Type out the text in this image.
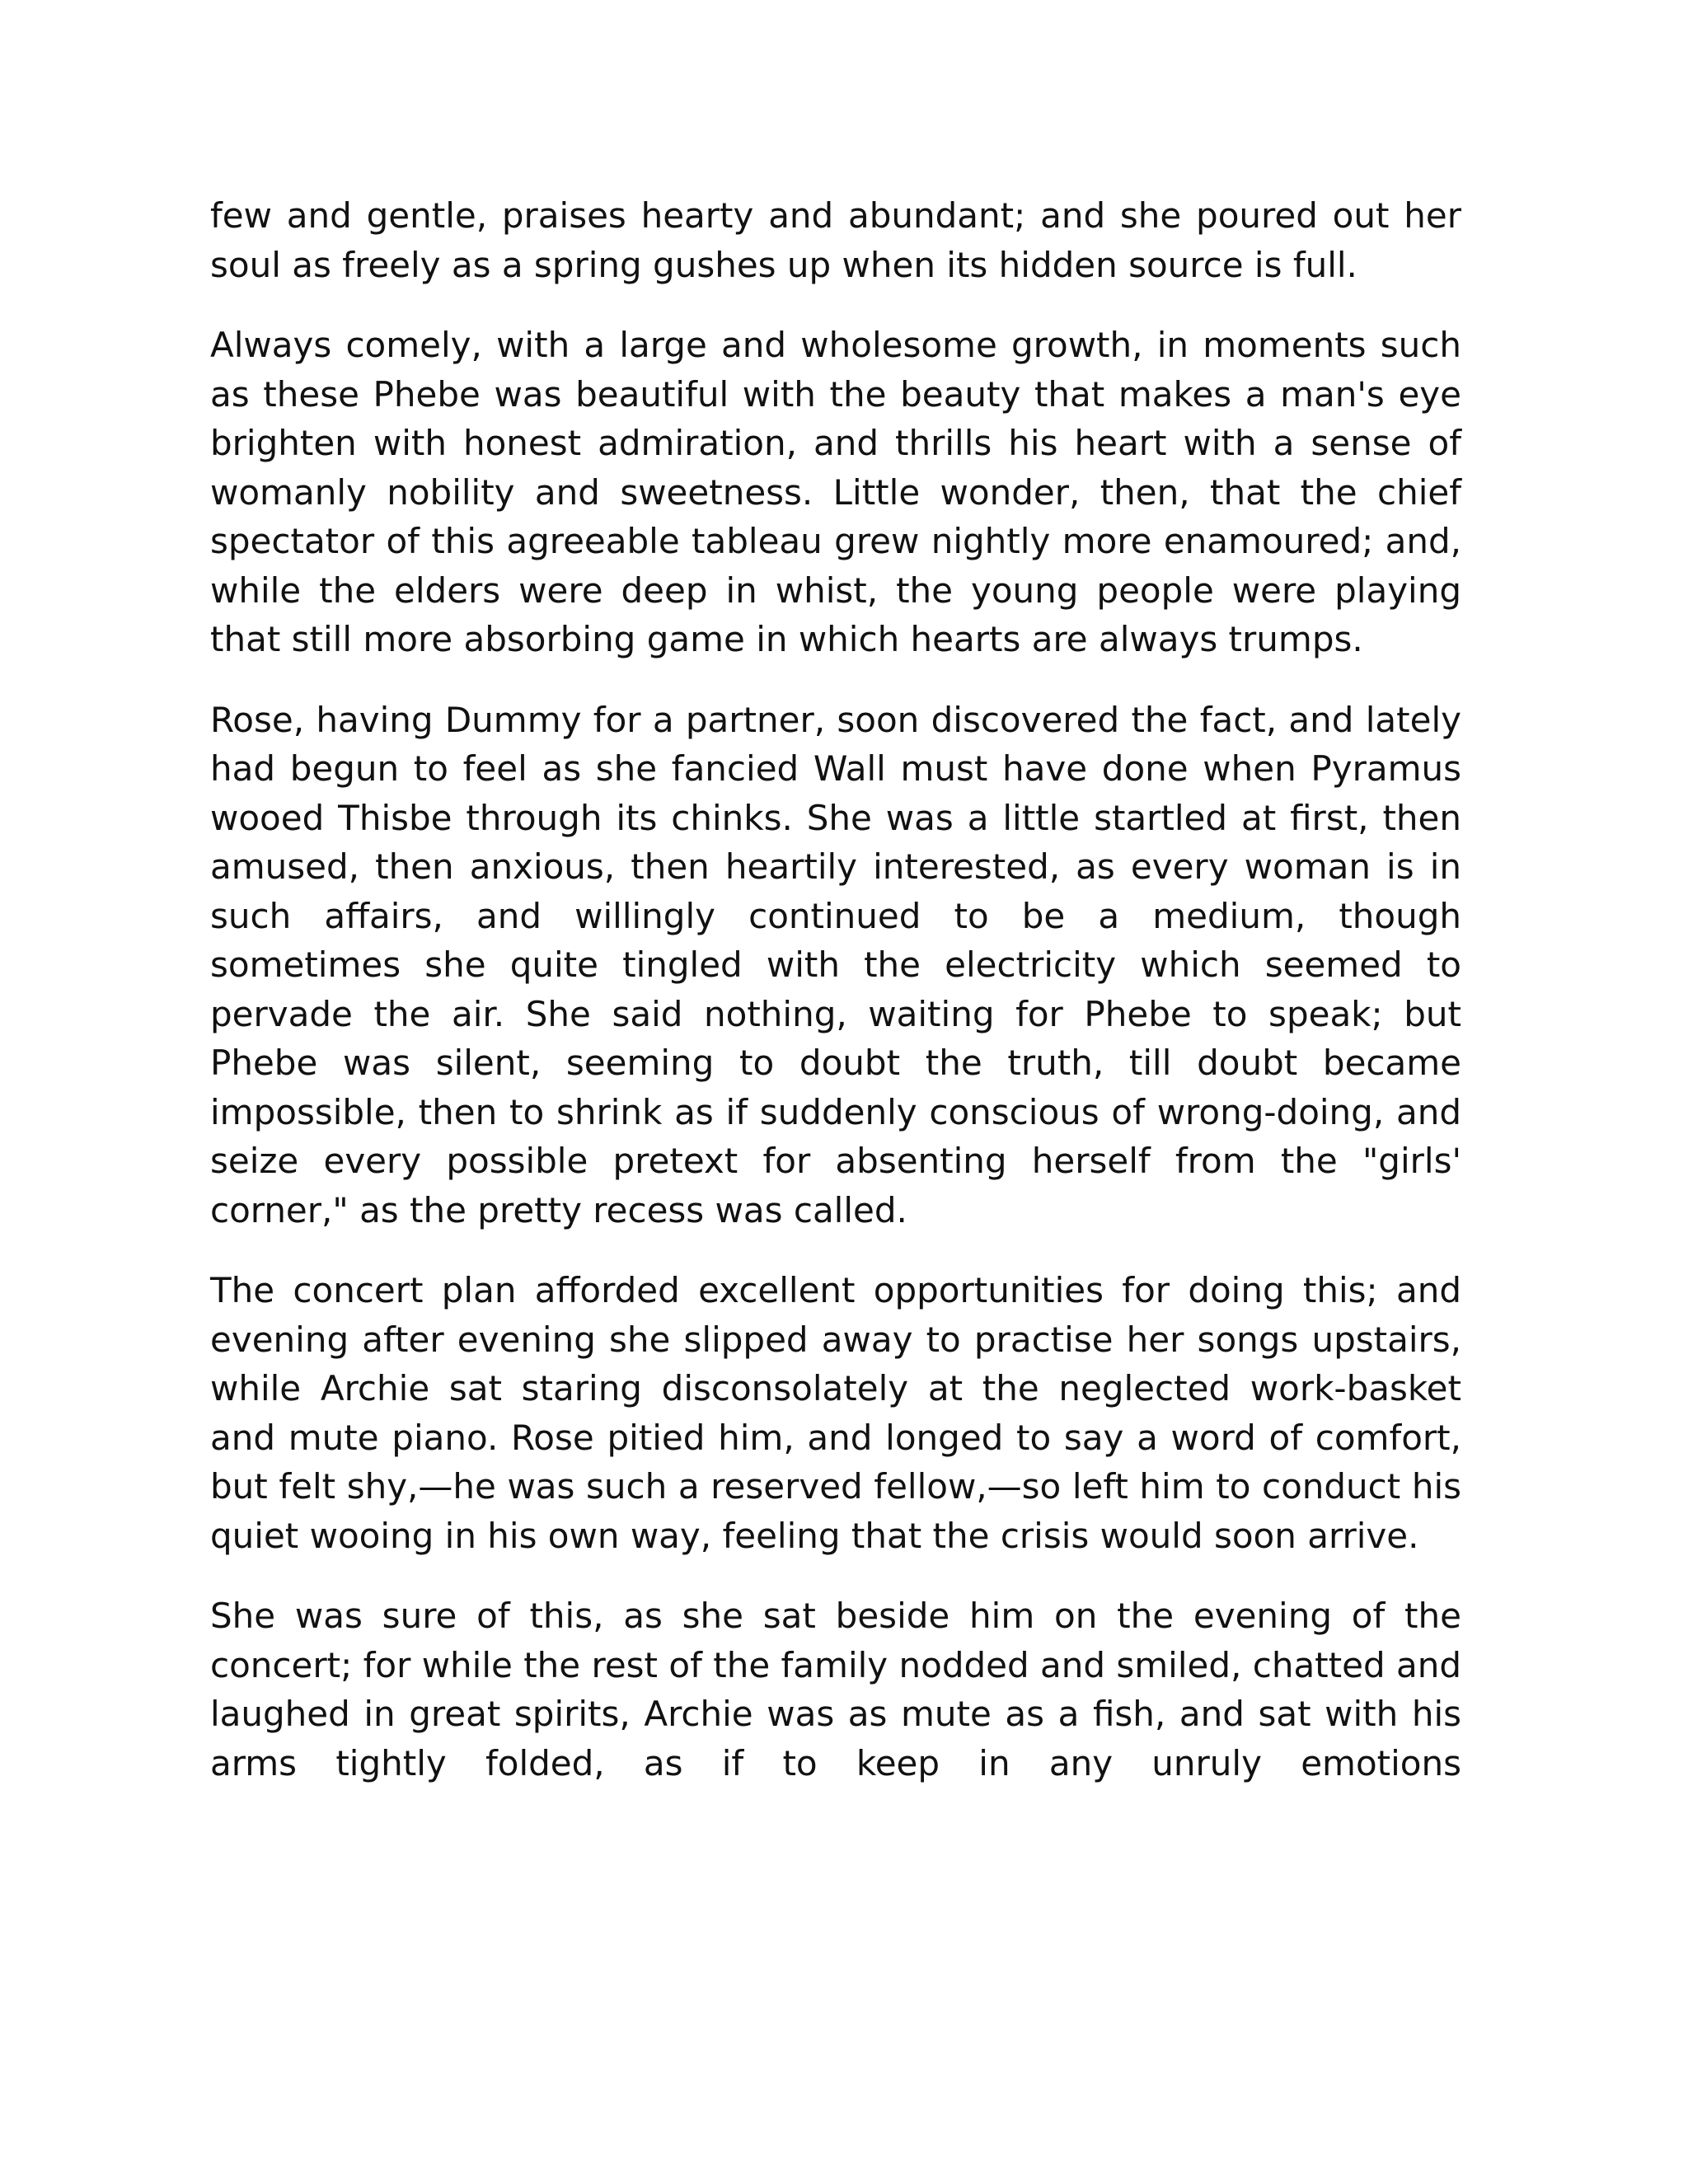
few and gentle, praises hearty and abundant; and she poured out her soul as freely as a spring gushes up when its hidden source is full.

Always comely, with a large and wholesome growth, in moments such as these Phebe was beautiful with the beauty that makes a man's eye brighten with honest admiration, and thrills his heart with a sense of womanly nobility and sweetness. Little wonder, then, that the chief spectator of this agreeable tableau grew nightly more enamoured; and, while the elders were deep in whist, the young people were playing that still more absorbing game in which hearts are always trumps.

Rose, having Dummy for a partner, soon discovered the fact, and lately had begun to feel as she fancied Wall must have done when Pyramus wooed Thisbe through its chinks. She was a little startled at first, then amused, then anxious, then heartily interested, as every woman is in such affairs, and willingly continued to be a medium, though sometimes she quite tingled with the electricity which seemed to pervade the air. She said nothing, waiting for Phebe to speak; but Phebe was silent, seeming to doubt the truth, till doubt became impossible, then to shrink as if suddenly conscious of wrong-doing, and seize every possible pretext for absenting herself from the "girls' corner," as the pretty recess was called.

The concert plan afforded excellent opportunities for doing this; and evening after evening she slipped away to practise her songs upstairs, while Archie sat staring disconsolately at the neglected work-basket and mute piano. Rose pitied him, and longed to say a word of comfort, but felt shy,—he was such a reserved fellow,—so left him to conduct his quiet wooing in his own way, feeling that the crisis would soon arrive.

She was sure of this, as she sat beside him on the evening of the concert; for while the rest of the family nodded and smiled, chatted and laughed in great spirits, Archie was as mute as a fish, and sat with his arms tightly folded, as if to keep in any unruly emotions
